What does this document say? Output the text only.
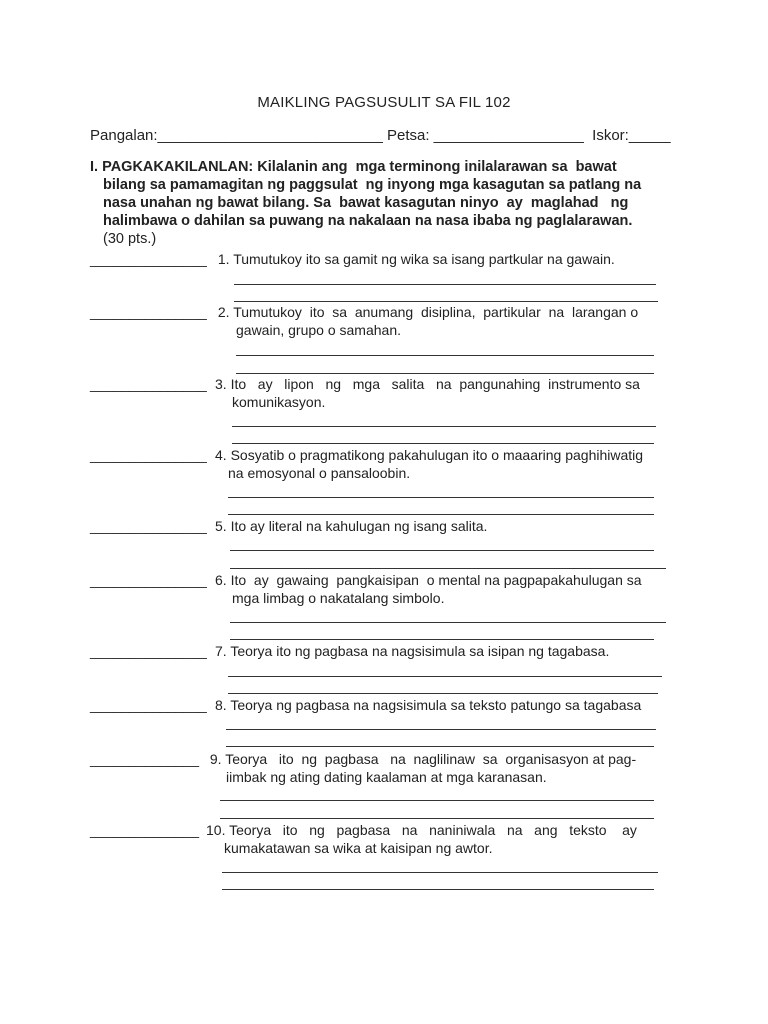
MAIKLING PAGSUSULIT SA FIL 102
Pangalan:___________________________ Petsa: __________________  Iskor:_____
I. PAGKAKAKILANLAN: Kilalanin ang  mga terminong inilalarawan sa  bawat
bilang sa pamamagitan ng paggsulat  ng inyong mga kasagutan sa patlang na
nasa unahan ng bawat bilang. Sa  bawat kasagutan ninyo  ay  maglahad   ng
halimbawa o dahilan sa puwang na nakalaan na nasa ibaba ng paglalarawan.
(30 pts.)
_______________ 1. Tumutukoy ito sa gamit ng wika sa isang partkular na gawain.
_______________ 2. Tumutukoy  ito  sa  anumang  disiplina,  partikular  na  larangan o
gawain, grupo o samahan.
_______________ 3. Ito   ay   lipon   ng   mga   salita   na  pangunahing  instrumento sa
komunikasyon.
_______________ 4. Sosyatib o pragmatikong pakahulugan ito o maaaring paghihiwatig
na emosyonal o pansaloobin.
_______________ 5. Ito ay literal na kahulugan ng isang salita.
_______________ 6. Ito  ay  gawaing  pangkaisipan  o mental na pagpapakahulugan sa
mga limbag o nakatalang simbolo.
_______________ 7. Teorya ito ng pagbasa na nagsisimula sa isipan ng tagabasa.
_______________ 8. Teorya ng pagbasa na nagsisimula sa teksto patungo sa tagabasa
______________ 9. Teorya   ito  ng  pagbasa   na  naglilinaw  sa  organisasyon at pag-
iimbak ng ating dating kaalaman at mga karanasan.
______________ 10. Teorya   ito   ng   pagbasa   na   naniniwala   na   ang   teksto    ay
kumakatawan sa wika at kaisipan ng awtor.
